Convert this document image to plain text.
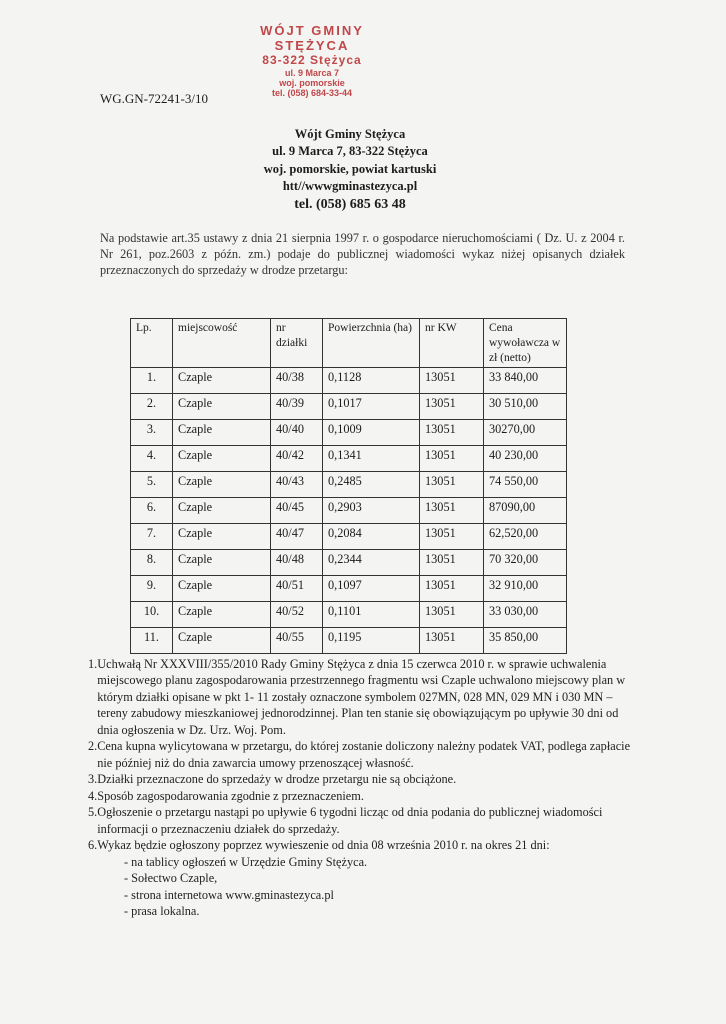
WÓJT GMINY STĘŻYCA
83-322 Stężyca
ul. 9 Marca 7
woj. pomorskie
tel. (058) 684-33-44
WG.GN-72241-3/10
Wójt Gminy Stężyca
ul. 9 Marca 7, 83-322 Stężyca
woj. pomorskie, powiat kartuski
htt//wwwgminastezyca.pl
tel. (058) 685 63 48
Na podstawie art.35 ustawy z dnia 21 sierpnia 1997 r. o gospodarce nieruchomościami ( Dz. U. z 2004 r. Nr 261, poz.2603 z późn. zm.) podaje do publicznej wiadomości wykaz niżej opisanych działek przeznaczonych do sprzedaży w drodze przetargu:
Lp.	miejscowość	nr działki	Powierzchnia (ha)	nr KW	Cena wywoławcza w zł (netto)
1.	Czaple	40/38	0,1128	13051	33 840,00
2.	Czaple	40/39	0,1017	13051	30 510,00
3.	Czaple	40/40	0,1009	13051	30270,00
4.	Czaple	40/42	0,1341	13051	40 230,00
5.	Czaple	40/43	0,2485	13051	74 550,00
6.	Czaple	40/45	0,2903	13051	87090,00
7.	Czaple	40/47	0,2084	13051	62,520,00
8.	Czaple	40/48	0,2344	13051	70 320,00
9.	Czaple	40/51	0,1097	13051	32 910,00
10.	Czaple	40/52	0,1101	13051	33 030,00
11.	Czaple	40/55	0,1195	13051	35 850,00
1. Uchwałą Nr XXXVIII/355/2010 Rady Gminy Stężyca z dnia 15 czerwca 2010 r. w sprawie uchwalenia miejscowego planu zagospodarowania przestrzennego fragmentu wsi Czaple uchwalono miejscowy plan w którym działki opisane w pkt 1- 11 zostały oznaczone symbolem 027MN, 028 MN, 029 MN i 030 MN – tereny zabudowy mieszkaniowej jednorodzinnej. Plan ten stanie się obowiązującym po upływie 30 dni od dnia ogłoszenia w Dz. Urz. Woj. Pom.
2. Cena kupna wylicytowana w przetargu, do której zostanie doliczony należny podatek VAT, podlega zapłacie nie później niż do dnia zawarcia umowy przenoszącej własność.
3. Działki przeznaczone do sprzedaży w drodze przetargu nie są obciążone.
4. Sposób zagospodarowania zgodnie z przeznaczeniem.
5. Ogłoszenie o przetargu nastąpi po upływie 6 tygodni licząc od dnia podania do publicznej wiadomości informacji o przeznaczeniu działek do sprzedaży.
6. Wykaz będzie ogłoszony poprzez wywieszenie od dnia 08 września 2010 r. na okres 21 dni:
- na tablicy ogłoszeń w Urzędzie Gminy Stężyca.
- Sołectwo Czaple,
- strona internetowa www.gminastezyca.pl
- prasa lokalna.
